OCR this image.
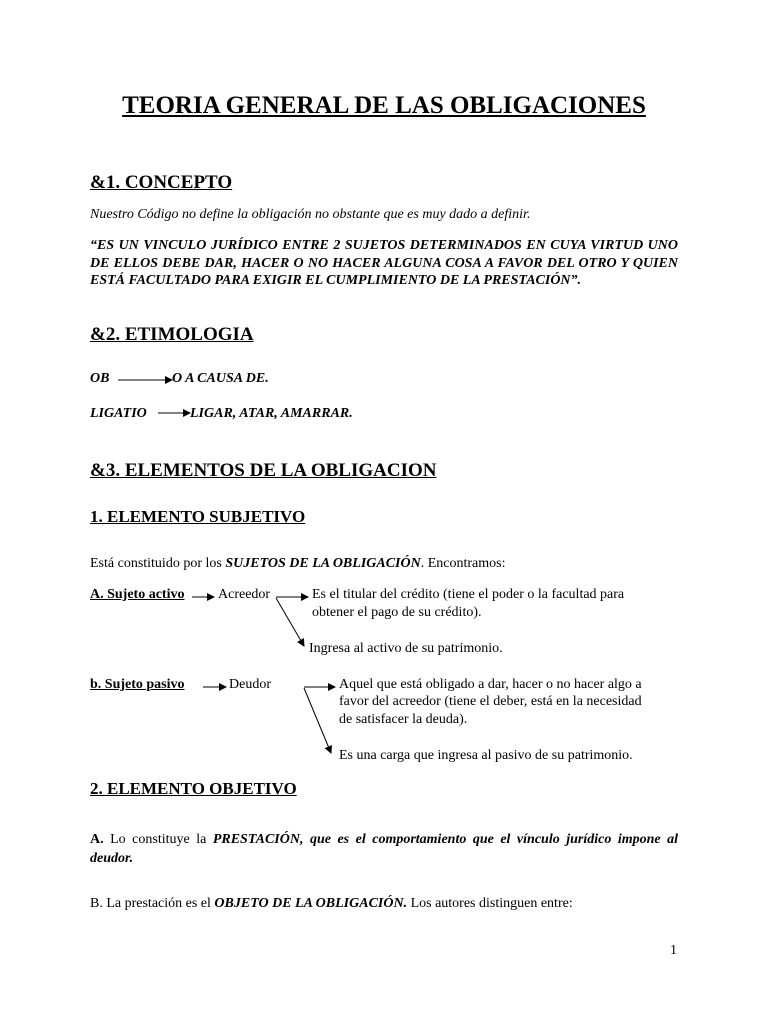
TEORIA GENERAL DE LAS OBLIGACIONES
&1. CONCEPTO
Nuestro Código no define la obligación no obstante que es muy dado a definir.
“ES UN VINCULO JURÍDICO ENTRE 2 SUJETOS DETERMINADOS EN CUYA VIRTUD UNO DE ELLOS DEBE DAR, HACER O NO HACER ALGUNA COSA A FAVOR DEL OTRO Y QUIEN ESTÁ FACULTADO PARA EXIGIR EL CUMPLIMIENTO DE LA PRESTACIÓN”.
&2. ETIMOLOGIA
OB	O A CAUSA DE.
LIGATIO	LIGAR, ATAR, AMARRAR.
&3. ELEMENTOS DE LA OBLIGACION
1. ELEMENTO SUBJETIVO
Está constituido por los SUJETOS DE LA OBLIGACIÓN. Encontramos:
A. Sujeto activo Acreedor	Es el titular del crédito (tiene el poder o la facultad para
obtener el pago de su crédito).
Ingresa al activo de su patrimonio.
b. Sujeto pasivo	Deudor	Aquel que está obligado a dar, hacer o no hacer algo a
favor del acreedor (tiene el deber, está en la necesidad
de satisfacer la deuda).
Es una carga que ingresa al pasivo de su patrimonio.
2. ELEMENTO OBJETIVO
A. Lo constituye la PRESTACIÓN, que es el comportamiento que el vínculo jurídico impone al deudor.
B. La prestación es el OBJETO DE LA OBLIGACIÓN. Los autores distinguen entre:
1
